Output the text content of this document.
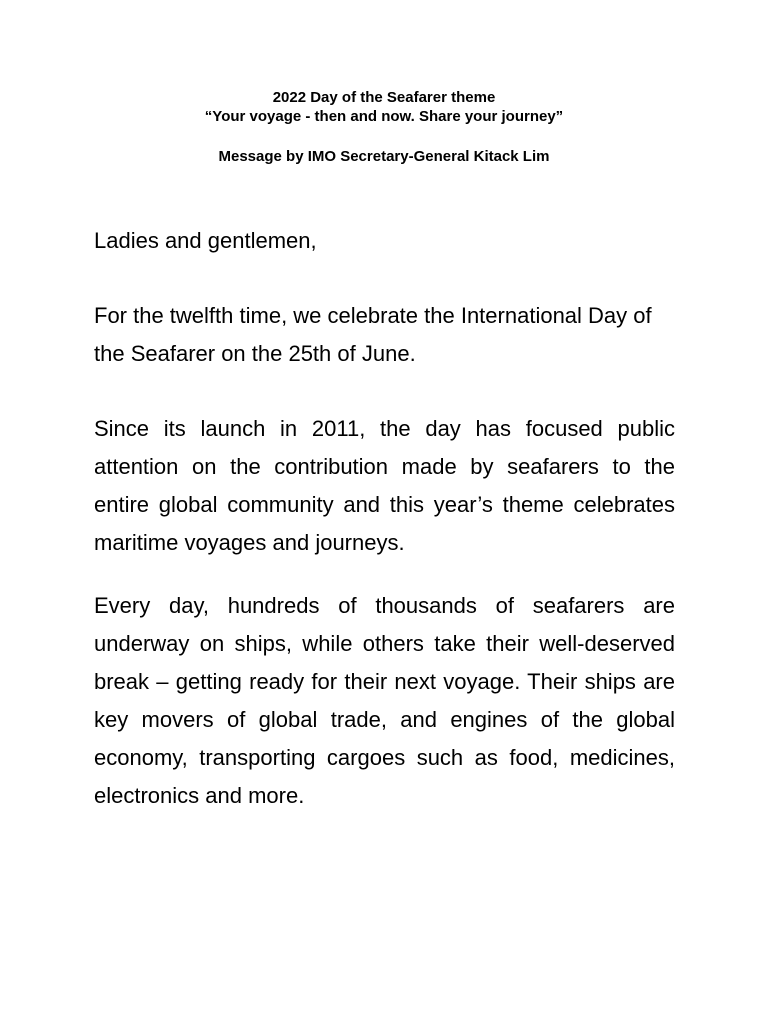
2022 Day of the Seafarer theme
“Your voyage - then and now. Share your journey”
Message by IMO Secretary-General Kitack Lim

Ladies and gentlemen,

For the twelfth time, we celebrate the International Day of the Seafarer on the 25th of June.

Since its launch in 2011, the day has focused public attention on the contribution made by seafarers to the entire global community and this year’s theme celebrates maritime voyages and journeys.

Every day, hundreds of thousands of seafarers are underway on ships, while others take their well-deserved break – getting ready for their next voyage. Their ships are key movers of global trade, and engines of the global economy, transporting cargoes such as food, medicines, electronics and more.
